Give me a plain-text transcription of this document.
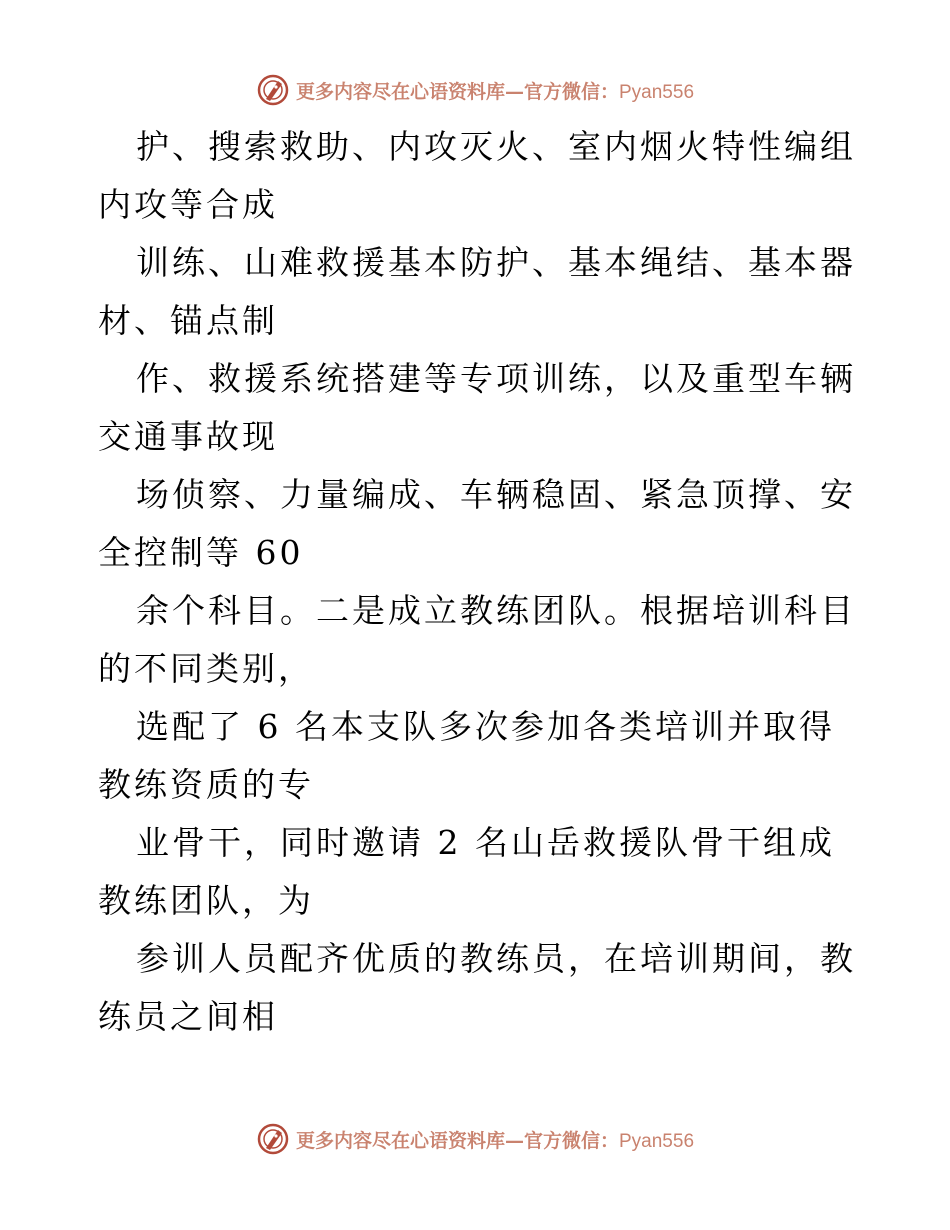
更多内容尽在心语资料库—官方微信：Pyan556

护、搜索救助、内攻灭火、室内烟火特性编组内攻等合成

训练、山难救援基本防护、基本绳结、基本器材、锚点制

作、救援系统搭建等专项训练，以及重型车辆交通事故现

场侦察、力量编成、车辆稳固、紧急顶撑、安全控制等 60

余个科目。二是成立教练团队。根据培训科目的不同类别，

选配了 6 名本支队多次参加各类培训并取得教练资质的专

业骨干，同时邀请 2 名山岳救援队骨干组成教练团队，为

参训人员配齐优质的教练员，在培训期间，教练员之间相

更多内容尽在心语资料库—官方微信：Pyan556
